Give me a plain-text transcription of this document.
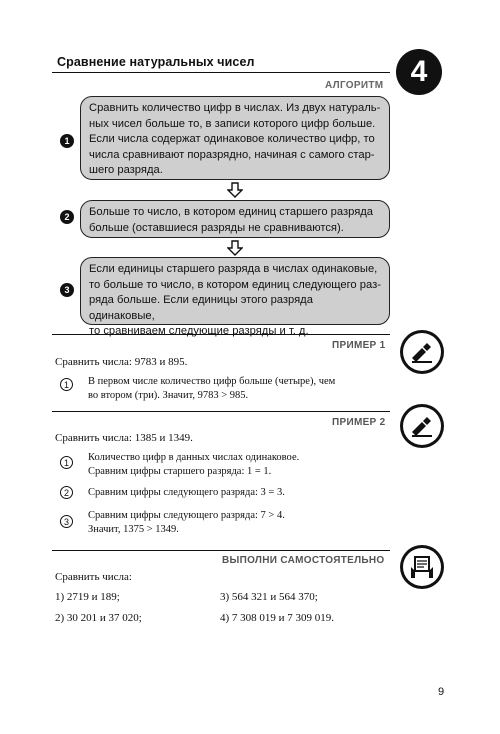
Сравнение натуральных чисел	4
АЛГОРИТМ
1
Сравнить количество цифр в числах. Из двух натураль-
ных чисел больше то, в записи которого цифр больше.
Если числа содержат одинаковое количество цифр, то
числа сравнивают поразрядно, начиная с самого стар-
шего разряда.
2	Больше то число, в котором единиц старшего разряда
больше (оставшиеся разряды не сравниваются).
3
Если единицы старшего разряда в числах одинаковые,
то больше то число, в котором единиц следующего раз-
ряда больше. Если единицы этого разряда одинаковые,
то сравниваем следующие разряды и т. д.
ПРИМЕР 1
Сравнить числа: 9783 и 895.
1	В первом числе количество цифр больше (четыре), чем
во втором (три). Значит, 9783 > 985.
ПРИМЕР 2
Сравнить числа: 1385 и 1349.
1	Количество цифр в данных числах одинаковое.
Сравним цифры старшего разряда: 1 = 1.
2	Сравним цифры следующего разряда: 3 = 3.
3
Сравним цифры следующего разряда: 7 > 4.
Значит, 1375 > 1349.
ВЫПОЛНИ САМОСТОЯТЕЛЬНО
Сравнить числа:
1) 2719 и 189;	3) 564 321 и 564 370;
2) 30 201 и 37 020;	4) 7 308 019 и 7 309 019.
9
